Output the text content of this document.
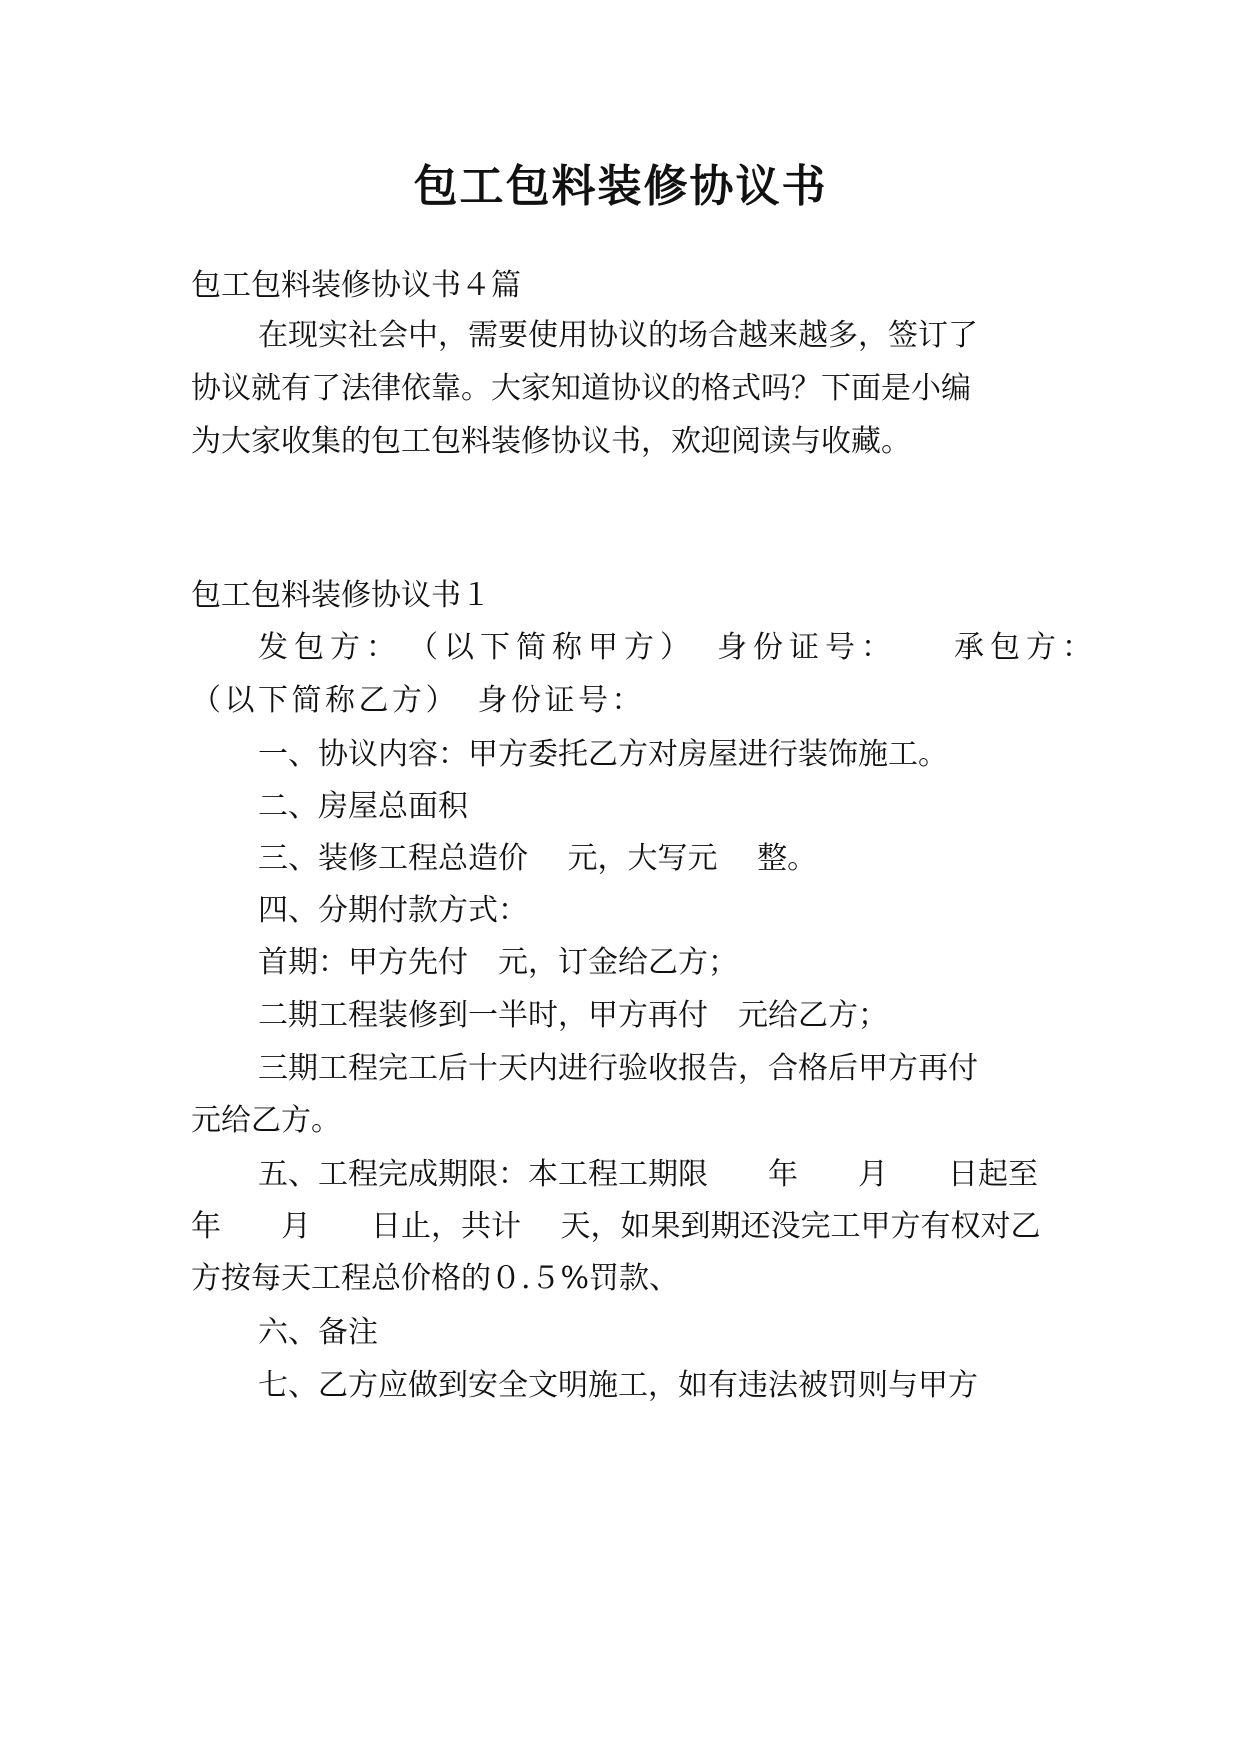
包工包料装修协议书

包工包料装修协议书４篇

在现实社会中，需要使用协议的场合越来越多，签订了

协议就有了法律依靠。大家知道协议的格式吗？下面是小编

为大家收集的包工包料装修协议书，欢迎阅读与收藏。

包工包料装修协议书１

发包方：　（以下简称甲方）　身份证号：　　承包方：

（以下简称乙方）　身份证号：

一、协议内容：甲方委托乙方对房屋进行装饰施工。

二、房屋总面积

三、装修工程总造价　 元，大写元　 整。

四、分期付款方式：

首期：甲方先付　元，订金给乙方；

二期工程装修到一半时，甲方再付　元给乙方；

三期工程完工后十天内进行验收报告，合格后甲方再付

元给乙方。

五、工程完成期限：本工程工期限　　年　　月　　日起至

年　　月　　日止，共计　 天，如果到期还没完工甲方有权对乙

方按每天工程总价格的０.５%罚款、

六、备注

七、乙方应做到安全文明施工，如有违法被罚则与甲方
